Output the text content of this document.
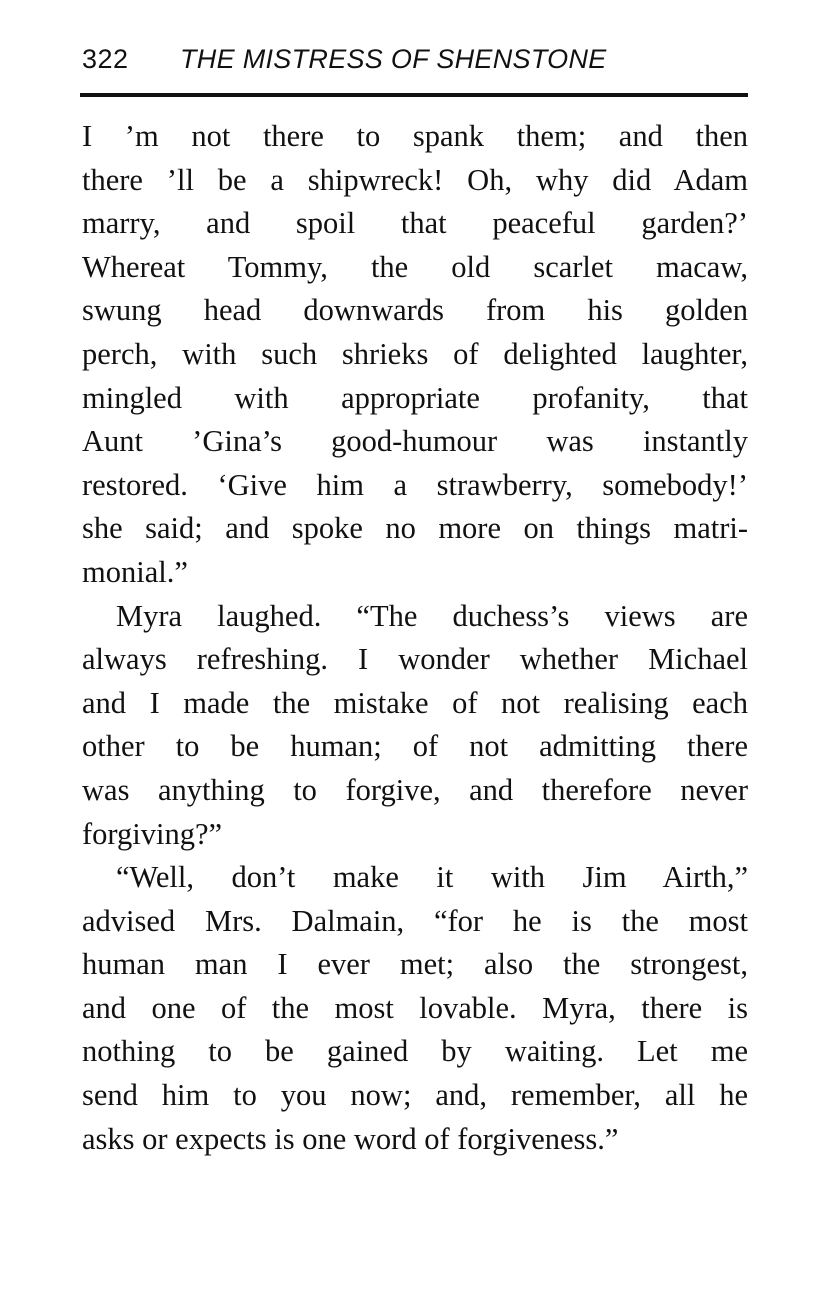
322 THE MISTRESS OF SHENSTONE
I ’m not there to spank them; and then
there ’ll be a shipwreck! Oh, why did Adam
marry, and spoil that peaceful garden?’
Whereat Tommy, the old scarlet macaw,
swung head downwards from his golden
perch, with such shrieks of delighted laughter,
mingled with appropriate profanity, that
Aunt ’Gina’s good-humour was instantly
restored. ‘Give him a strawberry, somebody!’
she said; and spoke no more on things matri-
monial.”
Myra laughed. “The duchess’s views are
always refreshing. I wonder whether Michael
and I made the mistake of not realising each
other to be human; of not admitting there
was anything to forgive, and therefore never
forgiving?”
“Well, don’t make it with Jim Airth,”
advised Mrs. Dalmain, “for he is the most
human man I ever met; also the strongest,
and one of the most lovable. Myra, there is
nothing to be gained by waiting. Let me
send him to you now; and, remember, all he
asks or expects is one word of forgiveness.”
